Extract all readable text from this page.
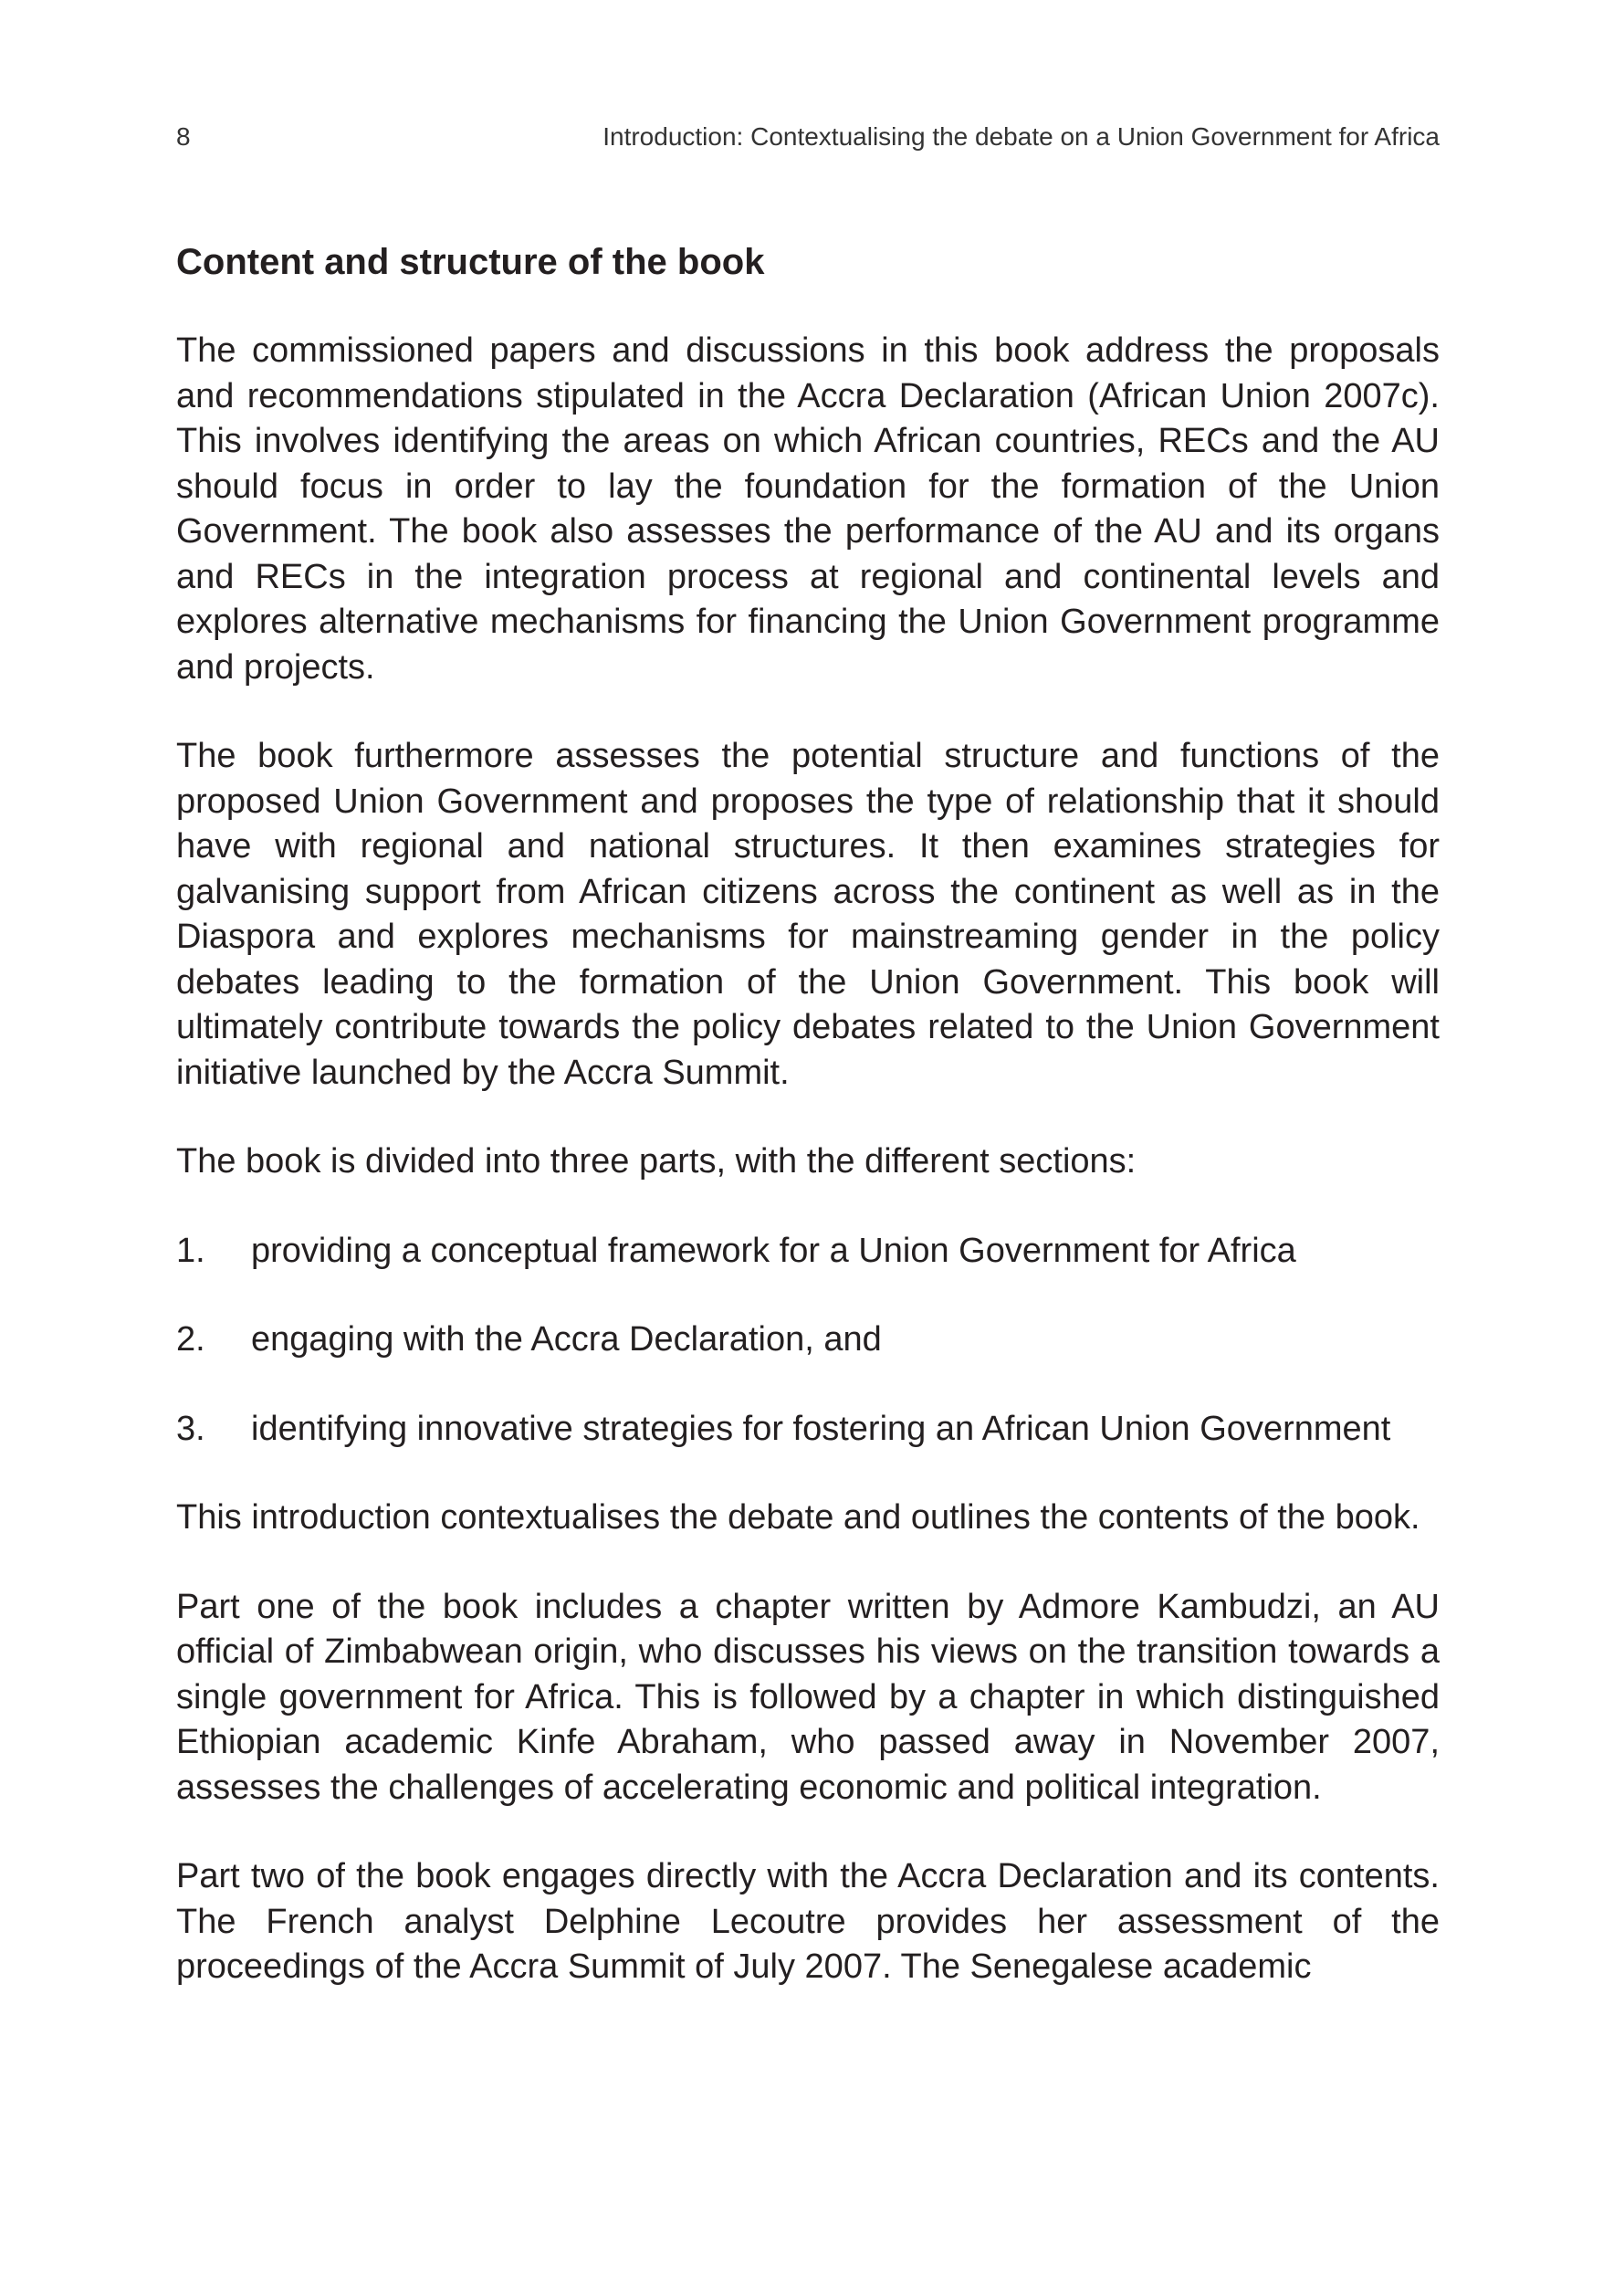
8	Introduction: Contextualising the debate on a Union Government for Africa
Content and structure of the book

The commissioned papers and discussions in this book address the proposals and recommendations stipulated in the Accra Declaration (African Union 2007c). This involves identifying the areas on which African countries, RECs and the AU should focus in order to lay the foundation for the formation of the Union Government. The book also assesses the performance of the AU and its organs and RECs in the integration process at regional and continental levels and explores alternative mechanisms for financing the Union Government programme and projects.

The book furthermore assesses the potential structure and functions of the proposed Union Government and proposes the type of relationship that it should have with regional and national structures. It then examines strategies for galvanising support from African citizens across the continent as well as in the Diaspora and explores mechanisms for mainstreaming gender in the policy debates leading to the formation of the Union Government. This book will ultimately contribute towards the policy debates related to the Union Government initiative launched by the Accra Summit.

The book is divided into three parts, with the different sections:

1.	providing a conceptual framework for a Union Government for Africa
2.	engaging with the Accra Declaration, and
3.	identifying innovative strategies for fostering an African Union Government

This introduction contextualises the debate and outlines the contents of the book.

Part one of the book includes a chapter written by Admore Kambudzi, an AU official of Zimbabwean origin, who discusses his views on the transition towards a single government for Africa. This is followed by a chapter in which distinguished Ethiopian academic Kinfe Abraham, who passed away in November 2007, assesses the challenges of accelerating economic and political integration.

Part two of the book engages directly with the Accra Declaration and its contents. The French analyst Delphine Lecoutre provides her assessment of the proceedings of the Accra Summit of July 2007. The Senegalese academic
